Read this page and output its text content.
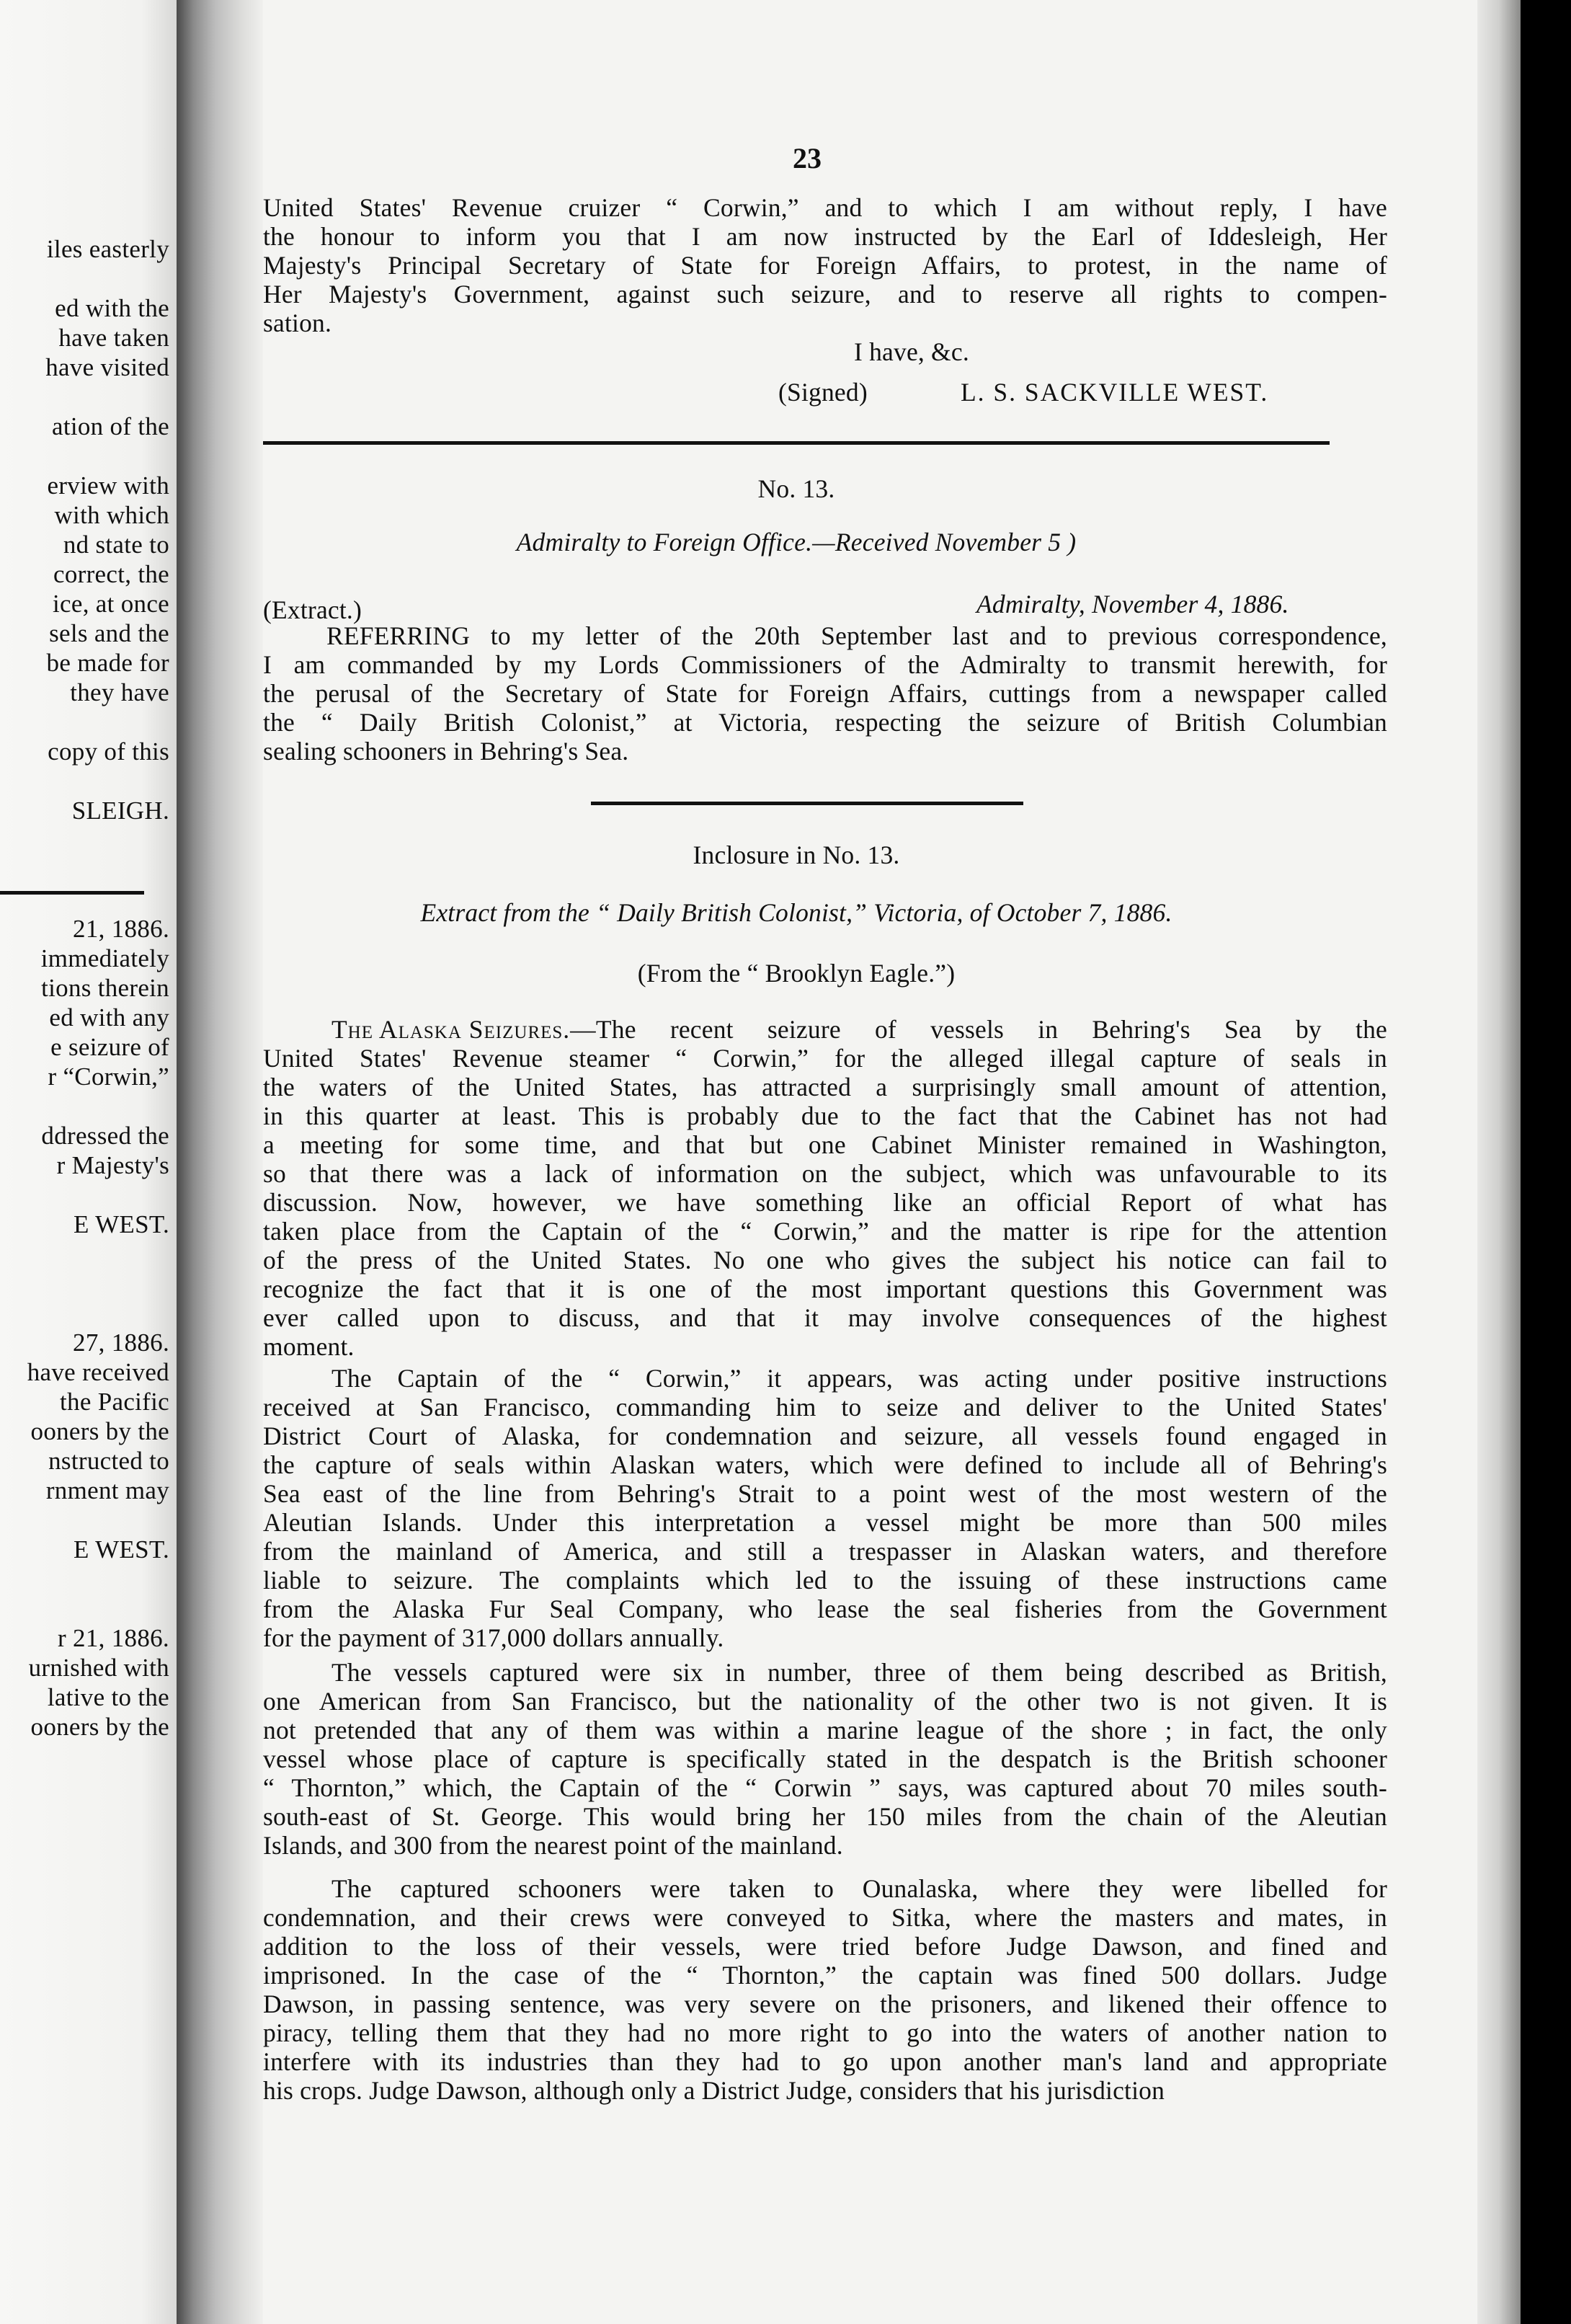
iles easterly
ed with the
have taken
have visited
ation of the
erview with
with which
nd state to
correct, the
ice, at once
sels and the
be made for
they have
copy of this
SLEIGH.
21, 1886.
immediately
tions therein
ed with any
e seizure of
r “Corwin,”
ddressed the
r Majesty's
E WEST.
27, 1886.
have received
the Pacific
ooners by the
nstructed to
rnment may
E WEST.
r 21, 1886.
urnished with
lative to the
ooners by the
23
United States' Revenue cruizer “ Corwin,” and to which I am without reply, I have
the honour to inform you that I am now instructed by the Earl of Iddesleigh, Her
Majesty's Principal Secretary of State for Foreign Affairs, to protest, in the name of
Her Majesty's Government, against such seizure, and to reserve all rights to compen-
sation.
I have, &c.
(Signed)	L. S. SACKVILLE WEST.
No. 13.
Admiralty to Foreign Office.—Received November 5 )
(Extract.)	Admiralty, November 4, 1886.
REFERRING to my letter of the 20th September last and to previous correspondence,
I am commanded by my Lords Commissioners of the Admiralty to transmit herewith, for
the perusal of the Secretary of State for Foreign Affairs, cuttings from a newspaper called
the “ Daily British Colonist,” at Victoria, respecting the seizure of British Columbian
sealing schooners in Behring's Sea.
Inclosure in No. 13.
Extract from the “ Daily British Colonist,” Victoria, of October 7, 1886.
(From the “ Brooklyn Eagle.”)
The Alaska Seizures. —The recent seizure of vessels in Behring's Sea by the
United States' Revenue steamer “ Corwin,” for the alleged illegal capture of seals in
the waters of the United States, has attracted a surprisingly small amount of attention,
in this quarter at least. This is probably due to the fact that the Cabinet has not had
a meeting for some time, and that but one Cabinet Minister remained in Washington,
so that there was a lack of information on the subject, which was unfavourable to its
discussion. Now, however, we have something like an official Report of what has
taken place from the Captain of the “ Corwin,” and the matter is ripe for the attention
of the press of the United States. No one who gives the subject his notice can fail to
recognize the fact that it is one of the most important questions this Government was
ever called upon to discuss, and that it may involve consequences of the highest
moment.
The Captain of the “ Corwin,” it appears, was acting under positive instructions
received at San Francisco, commanding him to seize and deliver to the United States'
District Court of Alaska, for condemnation and seizure, all vessels found engaged in
the capture of seals within Alaskan waters, which were defined to include all of Behring's
Sea east of the line from Behring's Strait to a point west of the most western of the
Aleutian Islands. Under this interpretation a vessel might be more than 500 miles
from the mainland of America, and still a trespasser in Alaskan waters, and therefore
liable to seizure. The complaints which led to the issuing of these instructions came
from the Alaska Fur Seal Company, who lease the seal fisheries from the Government
for the payment of 317,000 dollars annually.
The vessels captured were six in number, three of them being described as British,
one American from San Francisco, but the nationality of the other two is not given. It is
not pretended that any of them was within a marine league of the shore ; in fact, the only
vessel whose place of capture is specifically stated in the despatch is the British schooner
“ Thornton,” which, the Captain of the “ Corwin ” says, was captured about 70 miles south-
south-east of St. George. This would bring her 150 miles from the chain of the Aleutian
Islands, and 300 from the nearest point of the mainland.
The captured schooners were taken to Ounalaska, where they were libelled for
condemnation, and their crews were conveyed to Sitka, where the masters and mates, in
addition to the loss of their vessels, were tried before Judge Dawson, and fined and
imprisoned. In the case of the “ Thornton,” the captain was fined 500 dollars. Judge
Dawson, in passing sentence, was very severe on the prisoners, and likened their offence to
piracy, telling them that they had no more right to go into the waters of another nation to
interfere with its industries than they had to go upon another man's land and appropriate
his crops. Judge Dawson, although only a District Judge, considers that his jurisdiction
